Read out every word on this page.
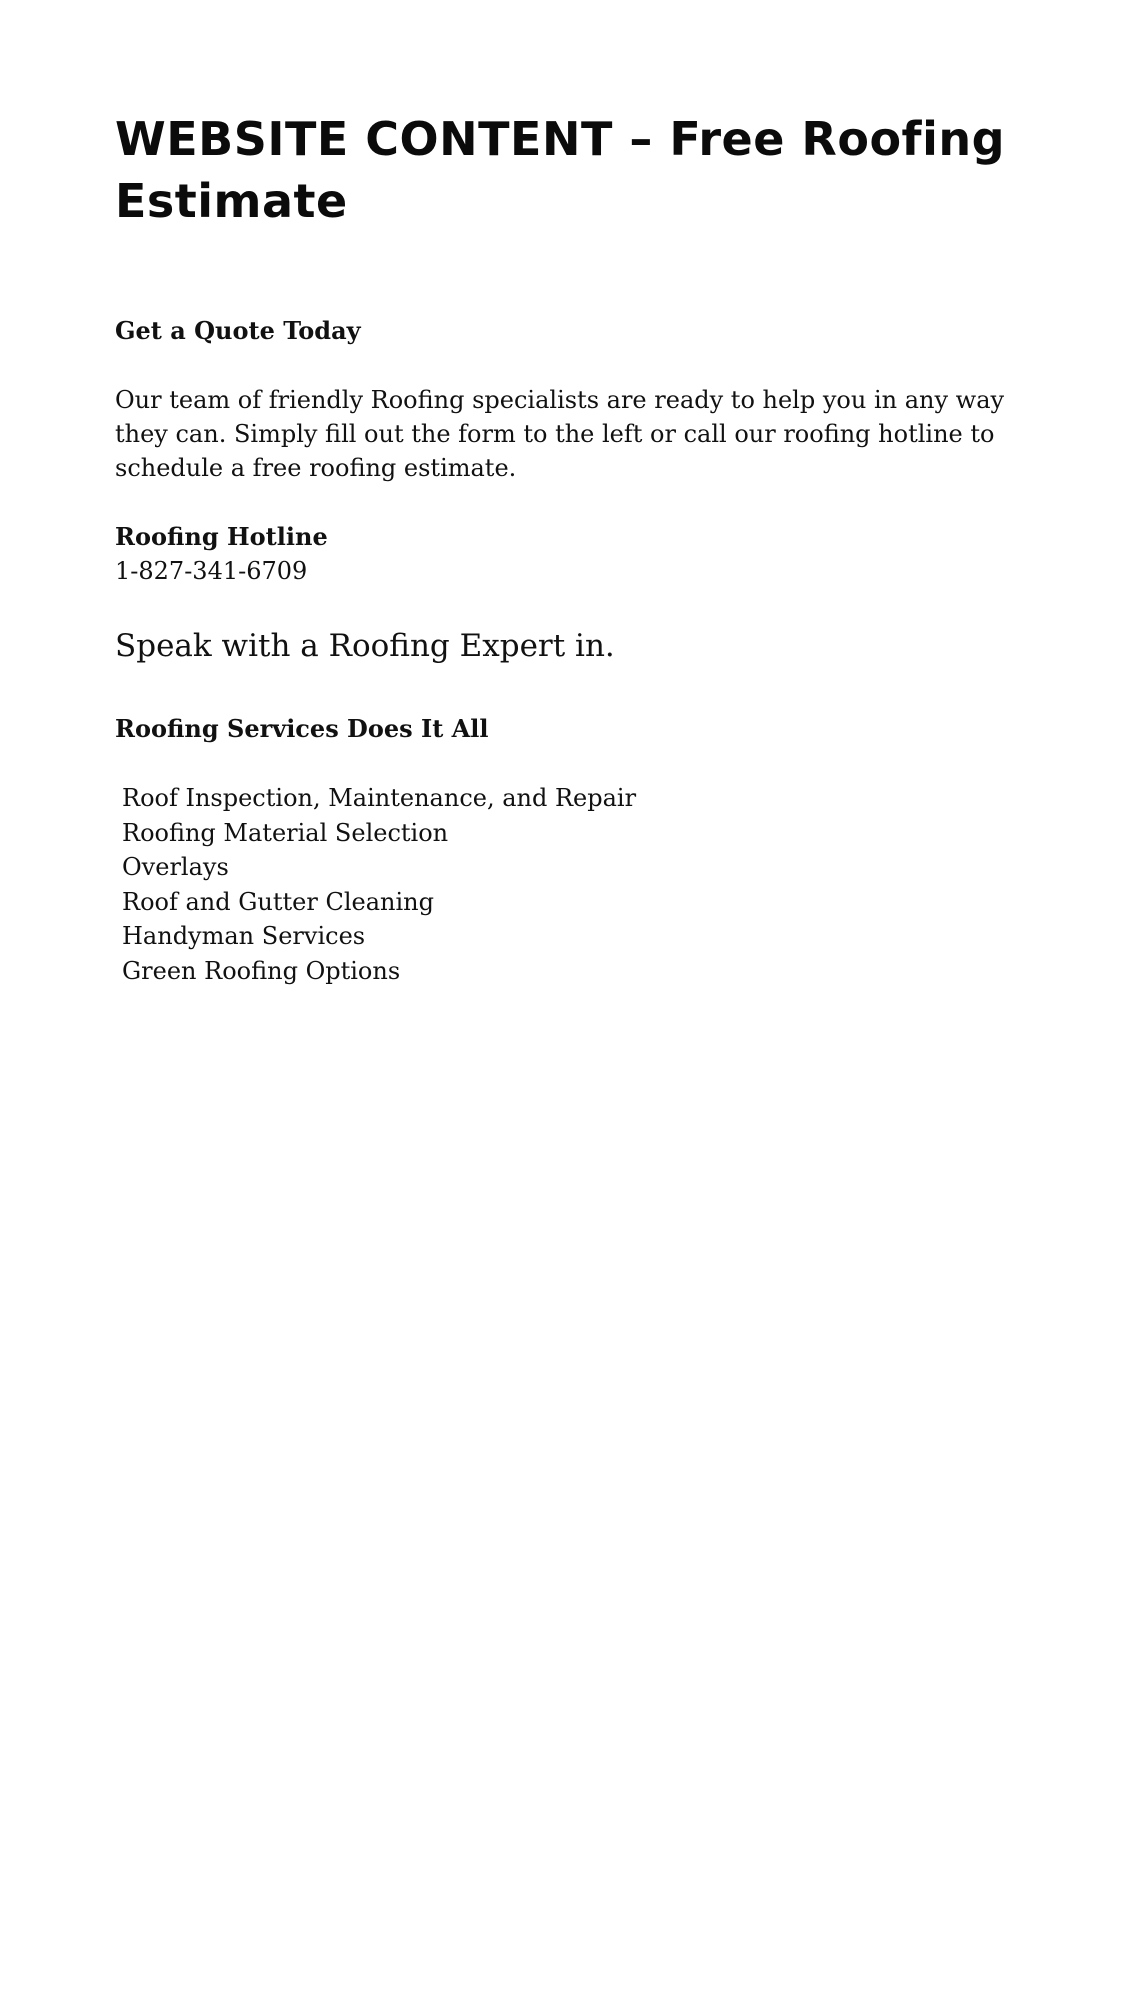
WEBSITE CONTENT – Free Roofing Estimate
Get a Quote Today

Our team of friendly Roofing specialists are ready to help you in any way they can. Simply fill out the form to the left or call our roofing hotline to schedule a free roofing estimate.

Roofing Hotline
1-827-341-6709

Speak with a Roofing Expert in.

Roofing Services Does It All
Roof Inspection, Maintenance, and Repair
Roofing Material Selection
Overlays
Roof and Gutter Cleaning
Handyman Services
Green Roofing Options
